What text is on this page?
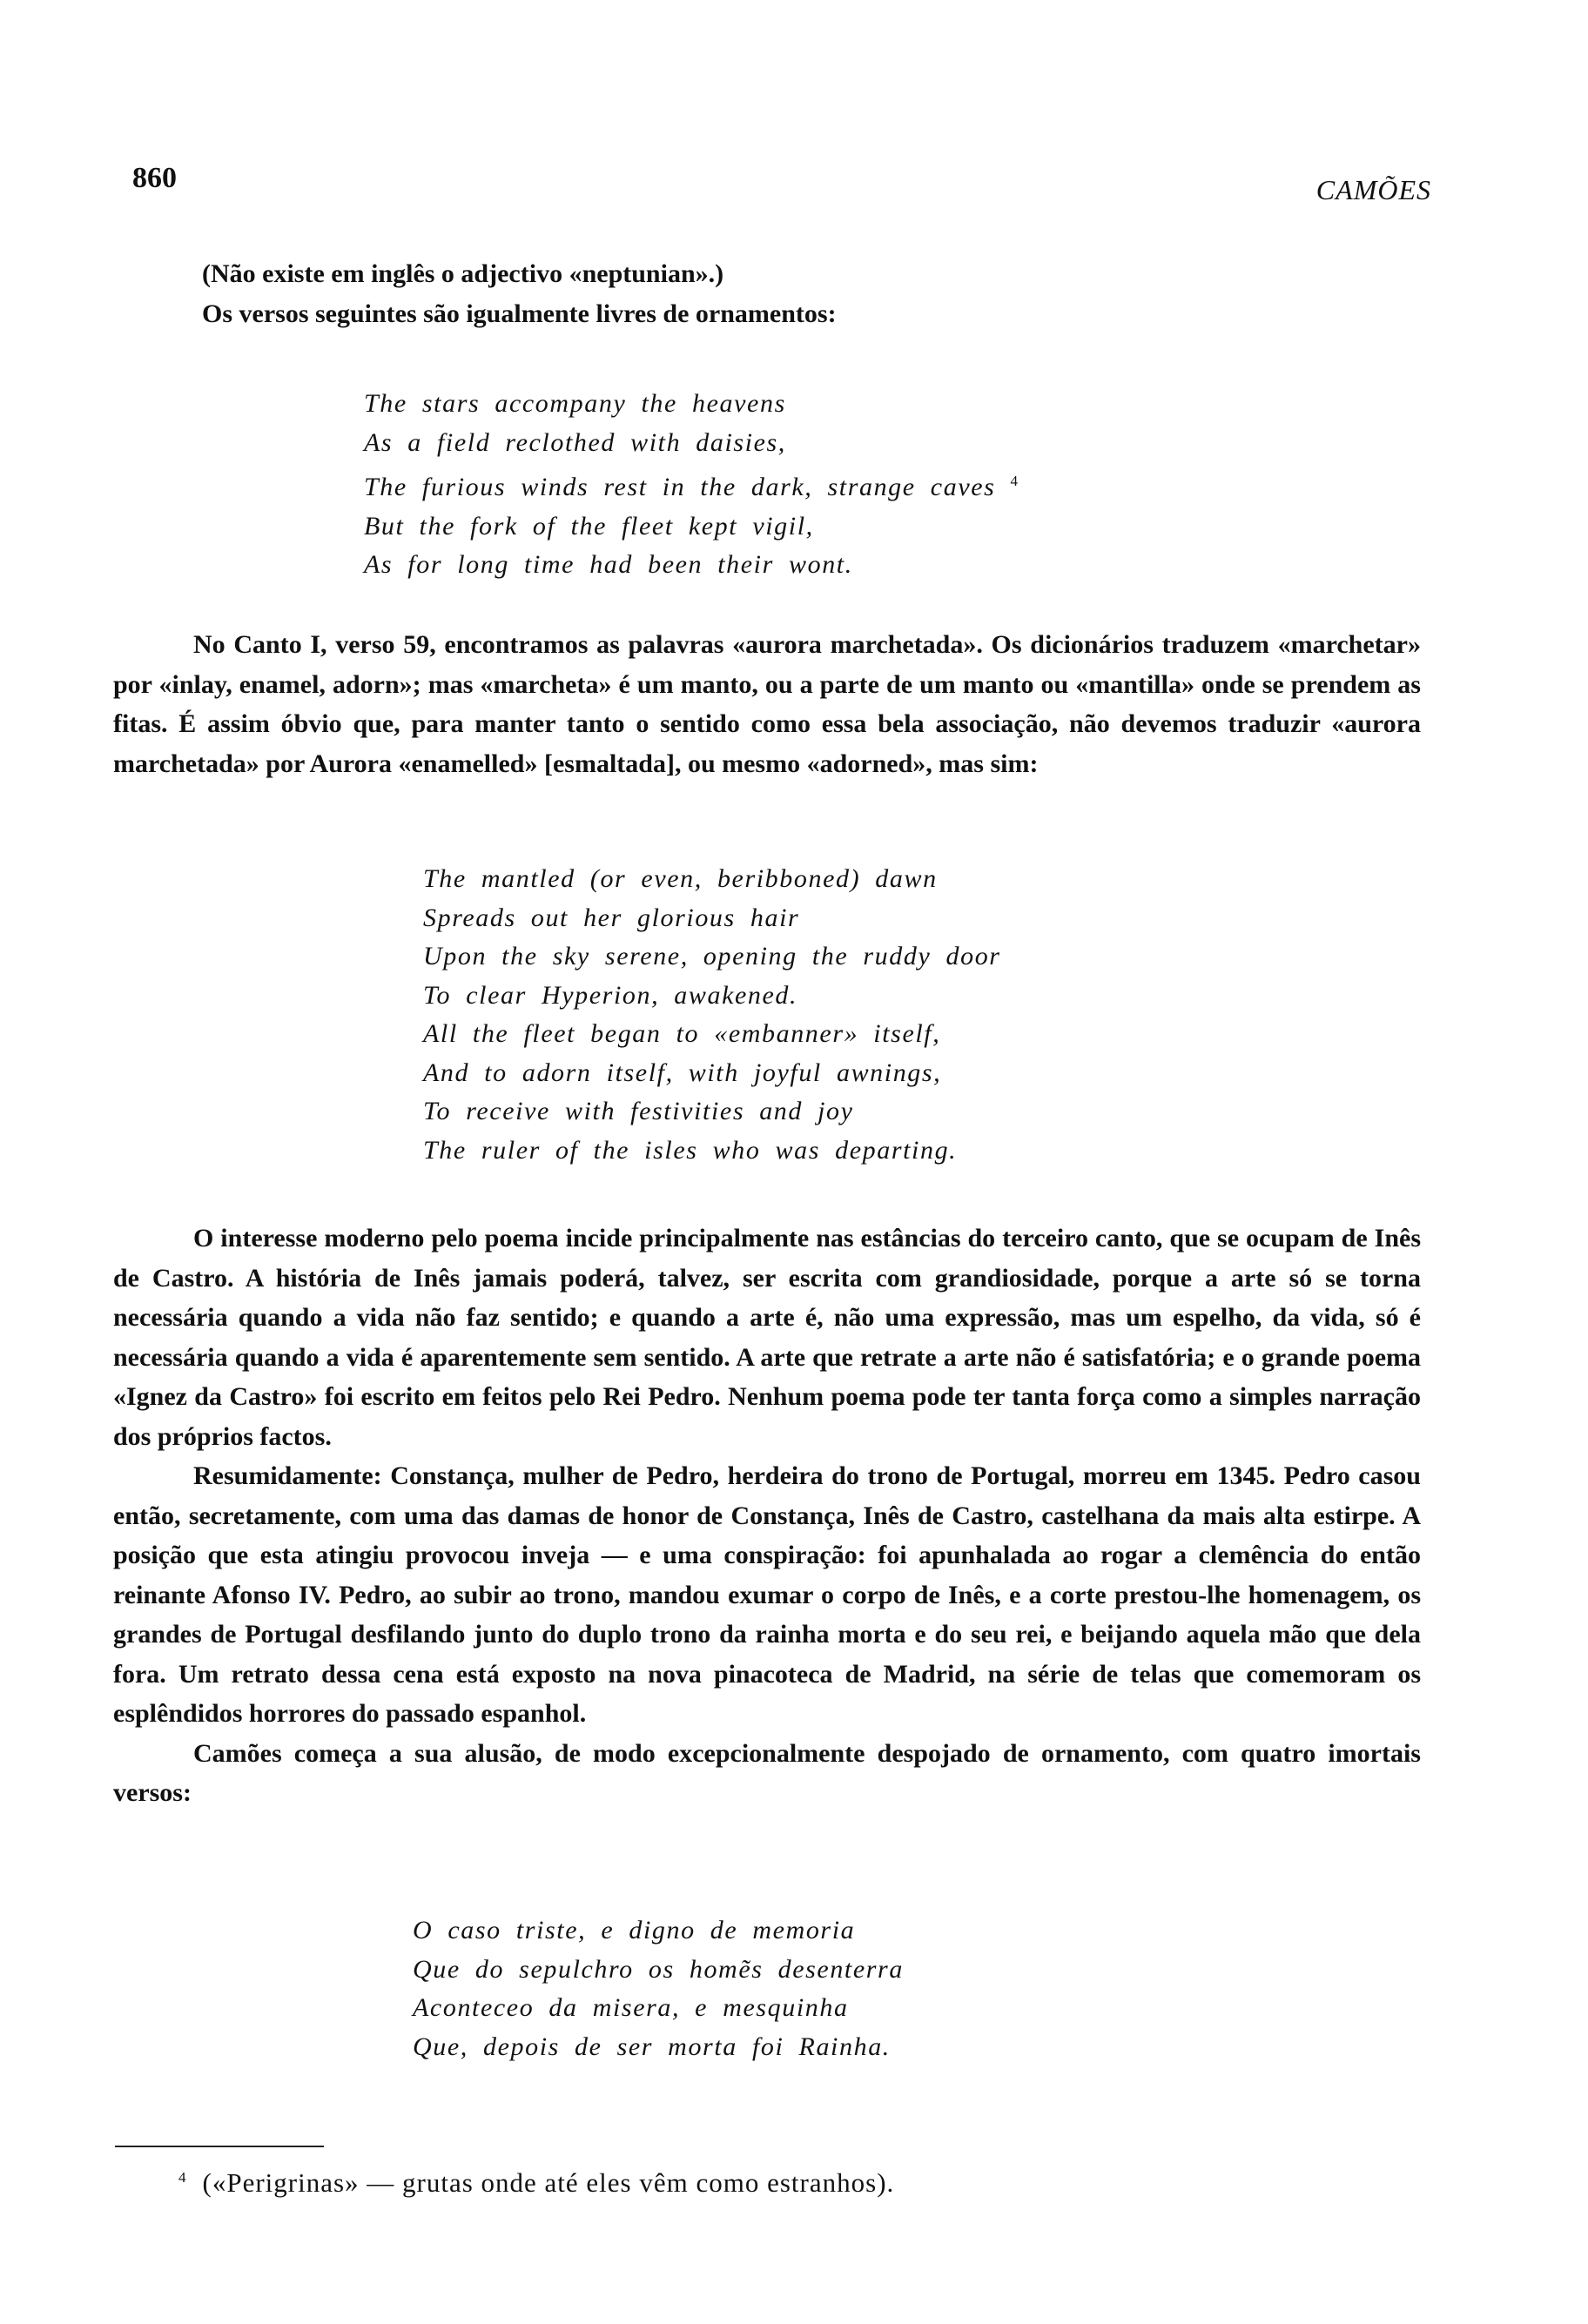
860	CAMÕES

(Não existe em inglês o adjectivo «neptunian».)

Os versos seguintes são igualmente livres de ornamentos:

The stars accompany the heavens
As a field reclothed with daisies,
The furious winds rest in the dark, strange caves $^4$
But the fork of the fleet kept vigil,
As for long time had been their wont.

No Canto I, verso 59, encontramos as palavras «aurora marchetada». Os dicionários traduzem «marchetar» por «inlay, enamel, adorn»; mas «marcheta» é um manto, ou a parte de um manto ou «mantilla» onde se prendem as fitas. É assim óbvio que, para manter tanto o sentido como essa bela associação, não devemos traduzir «aurora marchetada» por Aurora «enamelled» [esmaltada], ou mesmo «adorned», mas sim:

The mantled (or even, beribboned) dawn
Spreads out her glorious hair
Upon the sky serene, opening the ruddy door
To clear Hyperion, awakened.
All the fleet began to «embanner» itself,
And to adorn itself, with joyful awnings,
To receive with festivities and joy
The ruler of the isles who was departing.

O interesse moderno pelo poema incide principalmente nas estâncias do terceiro canto, que se ocupam de Inês de Castro. A história de Inês jamais poderá, talvez, ser escrita com grandiosidade, porque a arte só se torna necessária quando a vida não faz sentido; e quando a arte é, não uma expressão, mas um espelho, da vida, só é necessária quando a vida é aparentemente sem sentido. A arte que retrate a arte não é satisfatória; e o grande poema «Ignez da Castro» foi escrito em feitos pelo Rei Pedro. Nenhum poema pode ter tanta força como a simples narração dos próprios factos.

Resumidamente: Constança, mulher de Pedro, herdeira do trono de Portugal, morreu em 1345. Pedro casou então, secretamente, com uma das damas de honor de Constança, Inês de Castro, castelhana da mais alta estirpe. A posição que esta atingiu provocou inveja — e uma conspiração: foi apunhalada ao rogar a clemência do então reinante Afonso IV. Pedro, ao subir ao trono, mandou exumar o corpo de Inês, e a corte prestou-lhe homenagem, os grandes de Portugal desfilando junto do duplo trono da rainha morta e do seu rei, e beijando aquela mão que dela fora. Um retrato dessa cena está exposto na nova pinacoteca de Madrid, na série de telas que comemoram os esplêndidos horrores do passado espanhol.

Camões começa a sua alusão, de modo excepcionalmente despojado de ornamento, com quatro imortais versos:

O caso triste, e digno de memoria
Que do sepulchro os homẽs desenterra
Aconteceo da misera, e mesquinha
Que, depois de ser morta foi Rainha.
$^4$ («Perigrinas» — grutas onde até eles vêm como estranhos).
